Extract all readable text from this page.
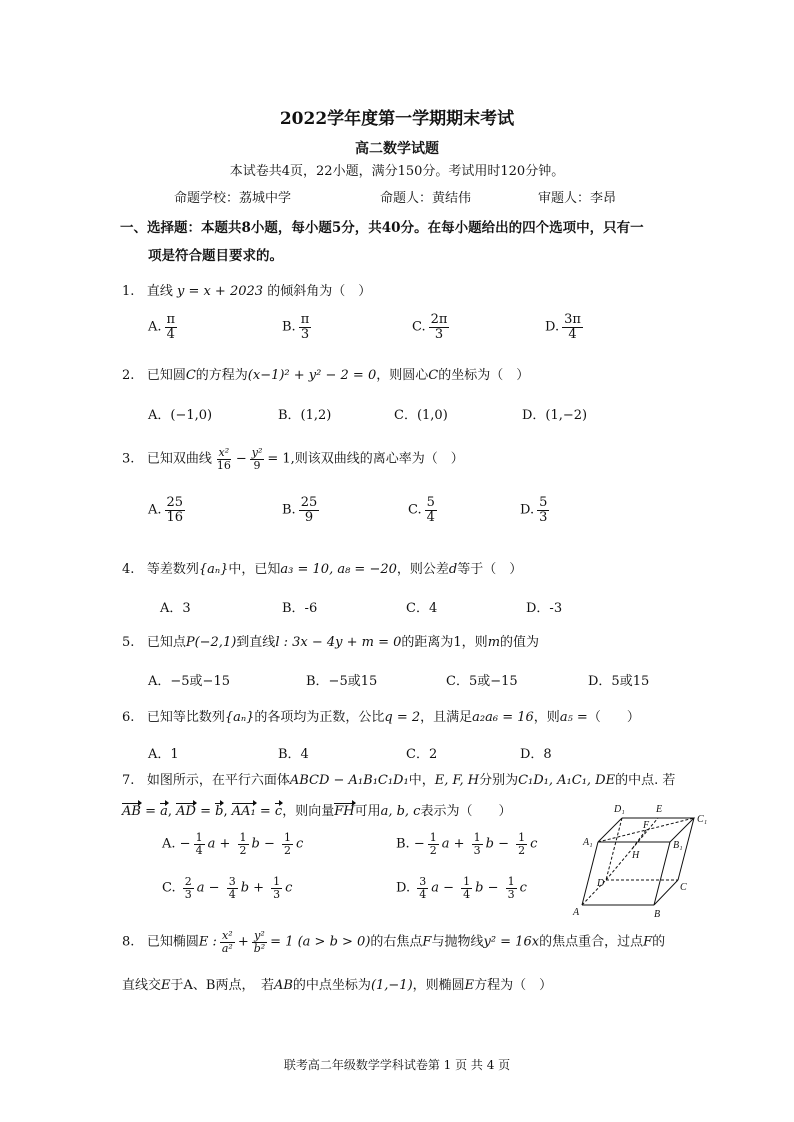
2022学年度第一学期期末考试
高二数学试题
本试卷共4页，22小题，满分150分。考试用时120分钟。
命题学校：荔城中学	命题人：黄结伟	审题人：李昂
一、选择题：本题共8小题，每小题5分，共40分。在每小题给出的四个选项中，只有一
项是符合题目要求的。
1. 直线 y = x + 2023 的倾斜角为（　）
A. $\frac{\pi}{4}$	B. $\frac{\pi}{3}$	C. $\frac{2\pi}{3}$	D. $\frac{3\pi}{4}$
2. 已知圆C的方程为(x−1)² + y² − 2 = 0，则圆心C的坐标为（　）
A．(−1,0)	B．(1,2)	C．(1,0)	D．(1,−2)
3. 已知双曲线 $\frac{\text{x²}}{16} - \frac{\text{y²}}{9} = 1$,则该双曲线的离心率为（　）
A. $\frac{25}{16}$	B. $\frac{25}{9}$	C. $\frac{5}{4}$	D. $\frac{5}{3}$
4. 等差数列{aₙ}中，已知a₃ = 10, a₈ = −20，则公差d等于（　）
A．3	B．-6	C．4	D．-3
5. 已知点P(−2,1)到直线l : 3x − 4y + m = 0的距离为1，则m的值为
A．−5或−15	B．−5或15	C．5或−15	D．5或15
6. 已知等比数列{aₙ}的各项均为正数，公比q = 2，且满足a₂a₆ = 16，则a₅ =（　　）
A．1	B．4	C．2	D．8
7. 如图所示，在平行六面体ABCD − A₁B₁C₁D₁中，E, F, H分别为C₁D₁, A₁C₁, DE的中点. 若
AB = a, AD = b, AA₁ = c，则向量FH可用a, b, c表示为（　　）
A. − $\frac{1}{4}$ $a + \frac{1}{2}$ $b - \frac{1}{2}$ c	B. − $\frac{1}{2}$ $a + \frac{1}{3}$ $b - \frac{1}{2}$ c
C. $\frac{2}{3}$ $a - \frac{3}{4}$ $b + \frac{1}{3}$ c	D. $\frac{3}{4}$ $a - \frac{1}{4}$ $b - \frac{1}{3}$ c
D₁	E
C₁
F
A₁	B₁
H
D	C
A	B
8. 已知椭圆E : $\frac{\text{x²}}{\text{a²}} + \frac{\text{y²}}{\text{b²}} = 1$ (a > b > 0)的右焦点F与抛物线y² = 16x的焦点重合，过点F的
直线交E于A、B两点，　若AB的中点坐标为(1,−1)，则椭圆E方程为（　）
联考高二年级数学学科试卷第 1 页 共 4 页
